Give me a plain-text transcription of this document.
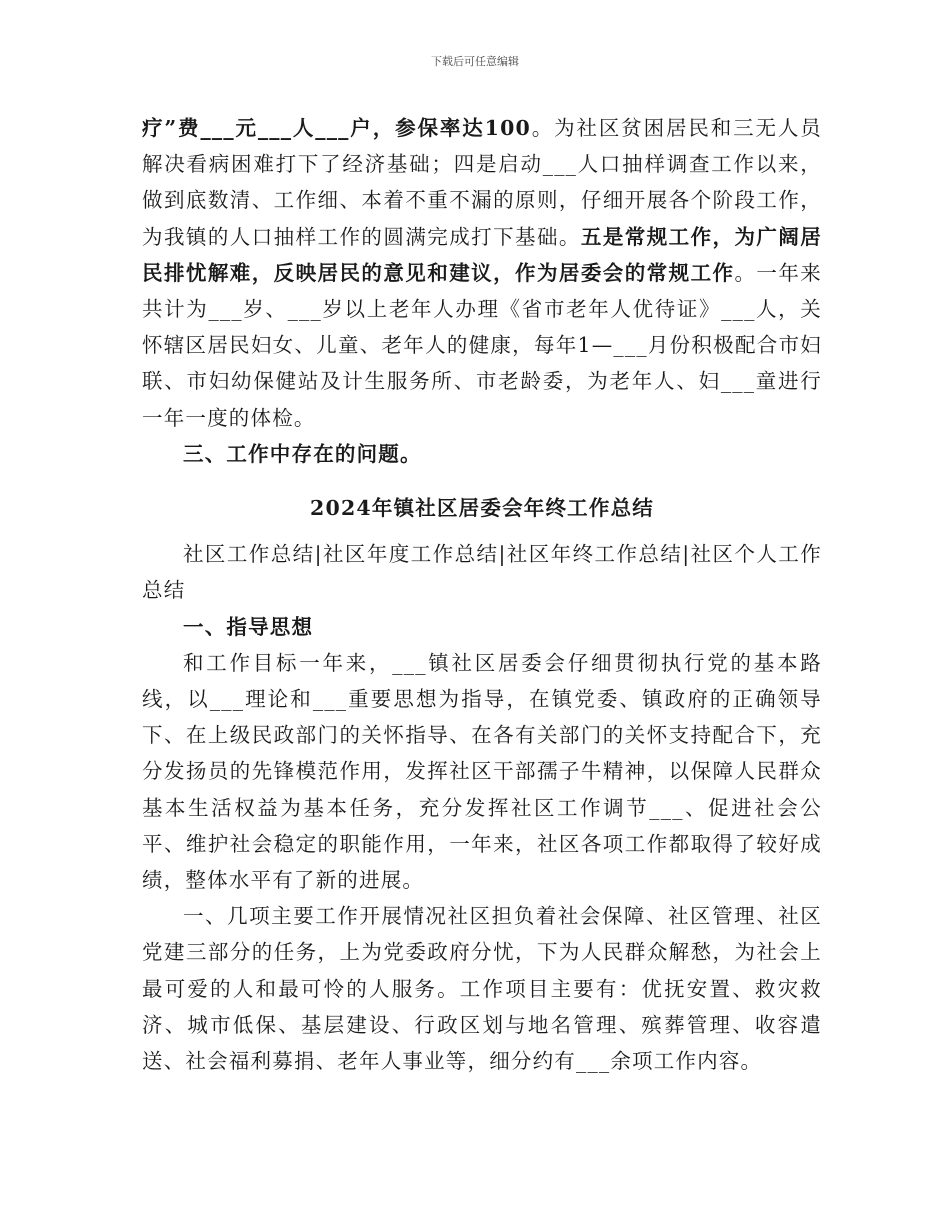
下载后可任意编辑

疗”费___元___人___户，参保率达100。为社区贫困居民和三无人员解决看病困难打下了经济基础；四是启动___人口抽样调查工作以来，做到底数清、工作细、本着不重不漏的原则，仔细开展各个阶段工作，为我镇的人口抽样工作的圆满完成打下基础。五是常规工作，为广阔居民排忧解难，反映居民的意见和建议，作为居委会的常规工作。一年来共计为___岁、___岁以上老年人办理《省市老年人优待证》___人，关怀辖区居民妇女、儿童、老年人的健康，每年1—___月份积极配合市妇联、市妇幼保健站及计生服务所、市老龄委，为老年人、妇___童进行一年一度的体检。

三、工作中存在的问题。

2024年镇社区居委会年终工作总结

社区工作总结|社区年度工作总结|社区年终工作总结|社区个人工作总结

一、指导思想

和工作目标一年来，___镇社区居委会仔细贯彻执行党的基本路线，以___理论和___重要思想为指导，在镇党委、镇政府的正确领导下、在上级民政部门的关怀指导、在各有关部门的关怀支持配合下，充分发扬员的先锋模范作用，发挥社区干部孺子牛精神，以保障人民群众基本生活权益为基本任务，充分发挥社区工作调节___、促进社会公平、维护社会稳定的职能作用，一年来，社区各项工作都取得了较好成绩，整体水平有了新的进展。

一、几项主要工作开展情况社区担负着社会保障、社区管理、社区党建三部分的任务，上为党委政府分忧，下为人民群众解愁，为社会上最可爱的人和最可怜的人服务。工作项目主要有：优抚安置、救灾救济、城市低保、基层建设、行政区划与地名管理、殡葬管理、收容遣送、社会福利募捐、老年人事业等，细分约有___余项工作内容。
